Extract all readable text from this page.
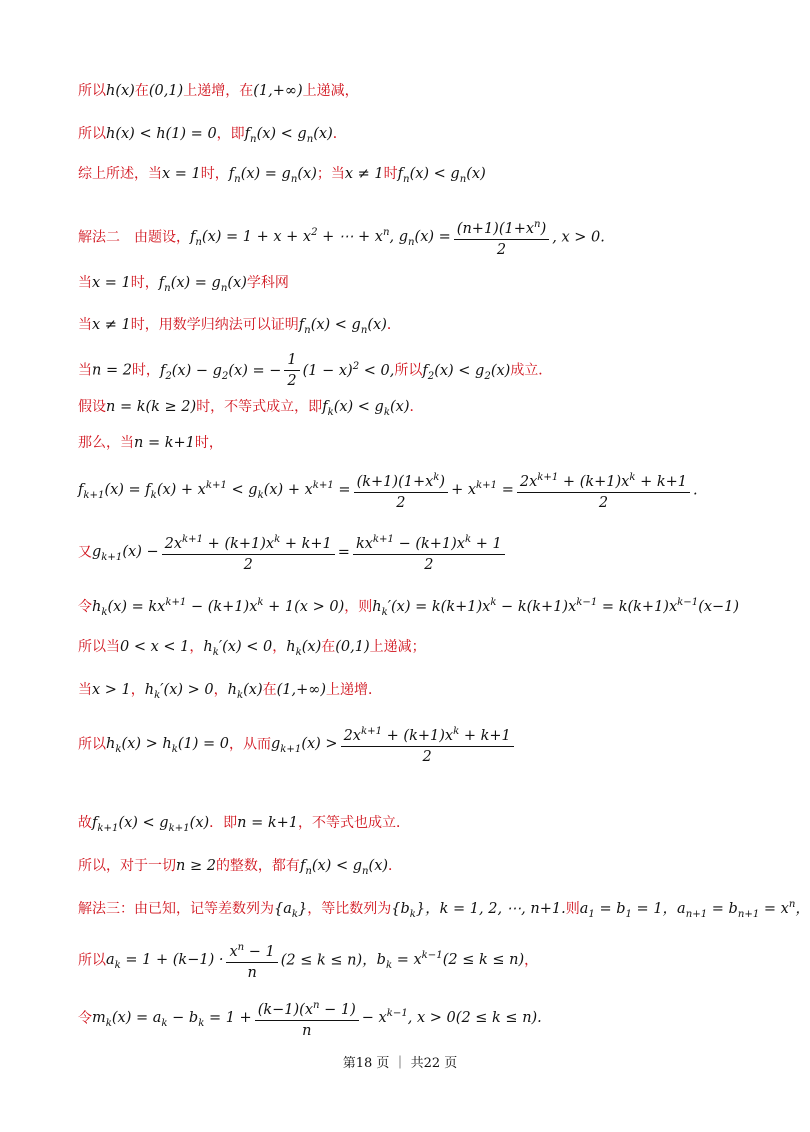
所以h(x)在(0,1)上递增，在(1,+∞)上递减，
所以h(x) < h(1) = 0，即$f_n(x) < g_n(x)$．
综上所述，当x = 1时，$f_n(x) = g_n(x)$；当x ≠ 1时$f_n(x) < g_n(x)$
解法二　由题设，$f_n(x) = 1 + x + x^2$ + ⋯ + $x^n$, $g_n(x) = \frac{(n+1)(1+x^n)}{2}$ , x > 0.
当x = 1时，$f_n(x) = g_n(x)$学科网
当x ≠ 1时，用数学归纳法可以证明$f_n(x) < g_n(x)$．
当n = 2时，$f_2(x) - g_2(x)$ = − $\frac{1}{2} (1 - x)^2 < 0$,所以$f_2(x) < g_2(x)$成立．
假设n = k(k ≥ 2)时，不等式成立，即$f_k(x) < g_k(x)$．
那么，当n = k+1时，
$f_{k+1}(x) = f_k(x) + x^{k+1} < g_k(x) + x^{k+1} = \frac{(k+1)(1+x^k)}{2} + x^{k+1} = \frac{2x^{k+1} + (k+1)x^k + k+1}{2}$ .
又$g_{k+1}(x) - \frac{2x^{k+1} + (k+1)x^k + k+1}{2} = \frac{kx^{k+1} - (k+1)x^k + 1}{2}$
令$h_k(x) = kx^{k+1} - (k+1)x^k + 1(x > 0)$，则$h_k'(x) = k(k+1)x^k - k(k+1)x^{k-1} = k(k+1)x^{k-1}(x-1)$
所以当0 < x < 1，$h_k'(x) < 0$，$h_k(x)$在(0,1)上递减；
当x > 1，$h_k'(x) > 0$，$h_k(x)$在(1,+∞)上递增．
所以$h_k(x) > h_k(1) = 0$，从而$g_{k+1}(x) > \frac{2x^{k+1} + (k+1)x^k + k+1}{2}$
故$f_{k+1}(x) < g_{k+1}(x)$．即n = k+1，不等式也成立．
所以，对于一切n ≥ 2的整数，都有$f_n(x) < g_n(x)$．
解法三：由已知，记等差数列为$\{a_k\}$，等比数列为$\{b_k\}$，k = 1, 2, ⋯, n+1.则$a_1 = b_1 = 1$，$a_{n+1} = b_{n+1} = x^n$，
所以$a_k = 1 + (k-1) \cdot \frac{x^n - 1}{n} (2 \le k \le n)$，$b_k = x^{k-1}(2 \le k \le n)$，
令$m_k(x) = a_k - b_k = 1 + \frac{(k-1)(x^n - 1)}{n} - x^{k-1}$, x > 0(2 ≤ k ≤ n).
第18 页 ｜ 共22 页
